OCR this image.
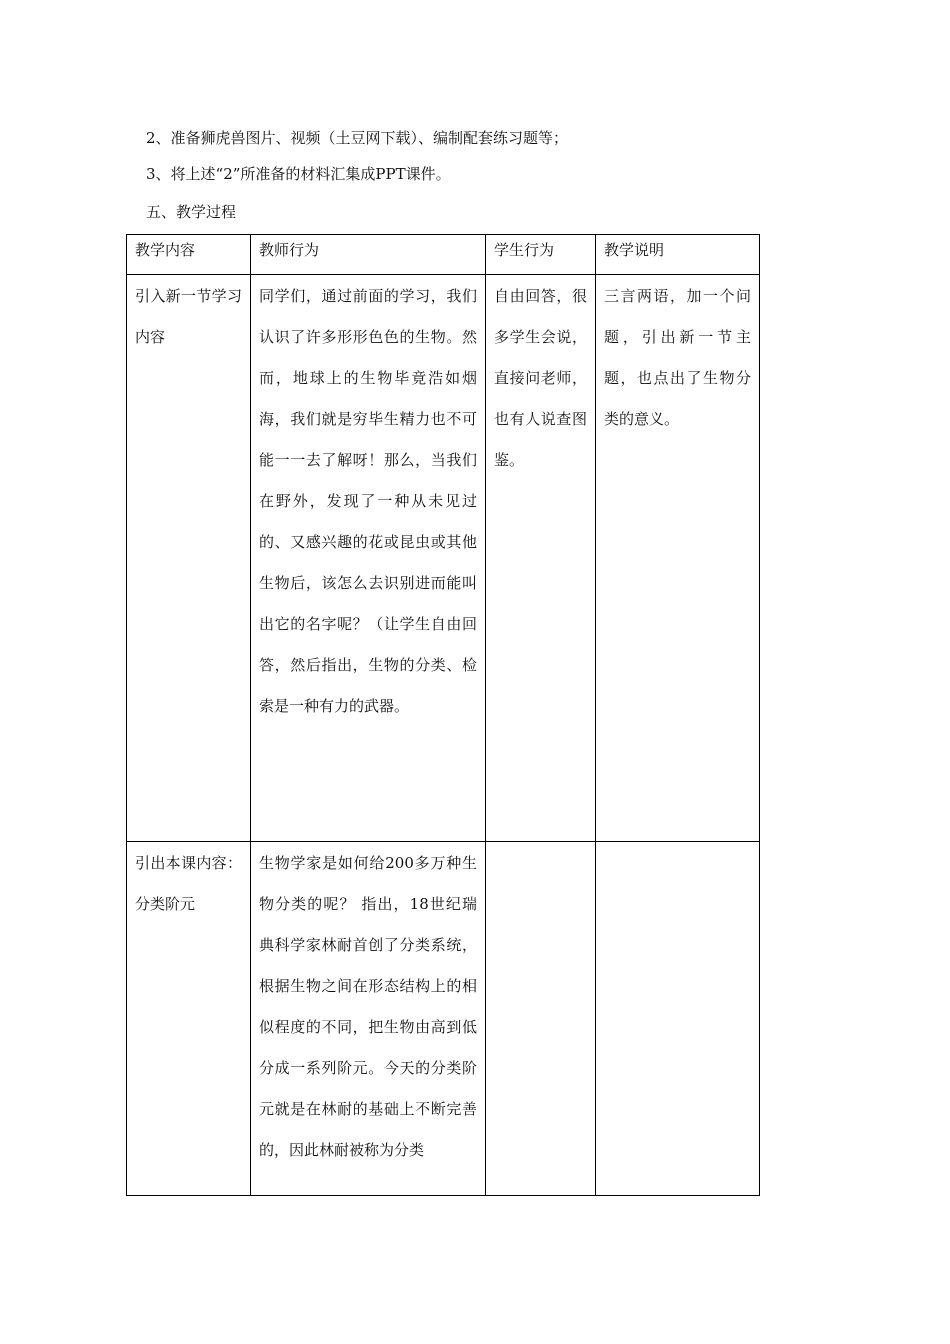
2、准备狮虎兽图片、视频（土豆网下载）、编制配套练习题等；
3、将上述“2”所准备的材料汇集成PPT课件。
五、教学过程
教学内容	教师行为	学生行为	教学说明
引入新一节学习内容	同学们，通过前面的学习，我们认识了许多形形色色的生物。然而，地球上的生物毕竟浩如烟海，我们就是穷毕生精力也不可能一一去了解呀！那么，当我们在野外，发现了一种从未见过的、又感兴趣的花或昆虫或其他生物后，该怎么去识别进而能叫出它的名字呢？（让学生自由回答，然后指出，生物的分类、检索是一种有力的武器。	自由回答，很多学生会说，直接问老师，也有人说查图鉴。	三言两语，加一个问题，引出新一节主题，也点出了生物分类的意义。
引出本课内容：分类阶元	生物学家是如何给200多万种生物分类的呢？ 指出，18世纪瑞典科学家林耐首创了分类系统，根据生物之间在形态结构上的相似程度的不同，把生物由高到低分成一系列阶元。今天的分类阶元就是在林耐的基础上不断完善的，因此林耐被称为分类		
